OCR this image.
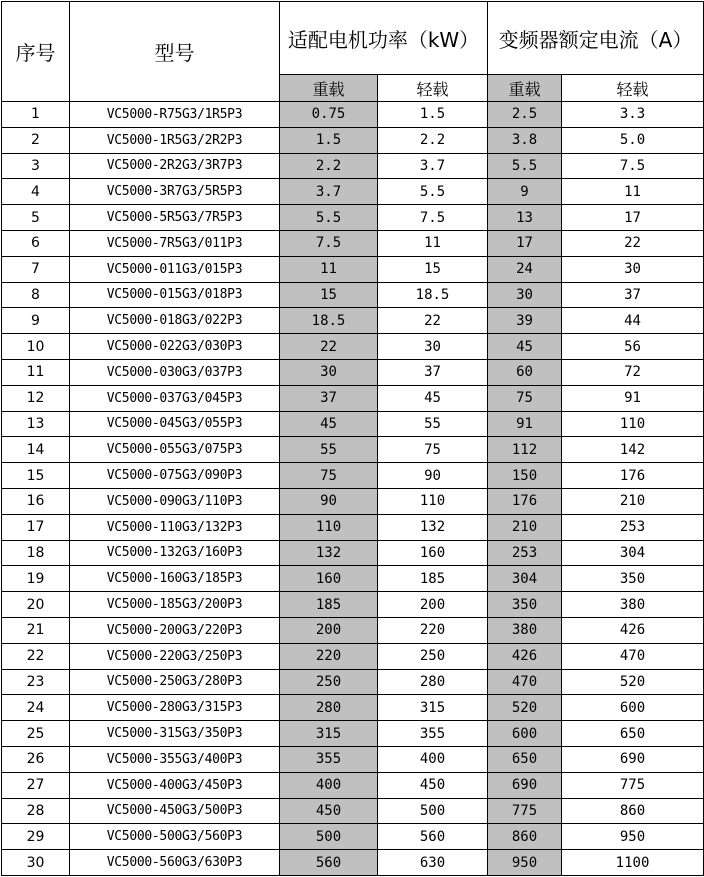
序号	型号	适配电机功率（kW）		变频器额定电流（A）	
		重载	轻载	重载	轻载
1	VC5000-R75G3/1R5P3	0.75	1.5	2.5	3.3
2	VC5000-1R5G3/2R2P3	1.5	2.2	3.8	5.0
3	VC5000-2R2G3/3R7P3	2.2	3.7	5.5	7.5
4	VC5000-3R7G3/5R5P3	3.7	5.5	9	11
5	VC5000-5R5G3/7R5P3	5.5	7.5	13	17
6	VC5000-7R5G3/011P3	7.5	11	17	22
7	VC5000-011G3/015P3	11	15	24	30
8	VC5000-015G3/018P3	15	18.5	30	37
9	VC5000-018G3/022P3	18.5	22	39	44
10	VC5000-022G3/030P3	22	30	45	56
11	VC5000-030G3/037P3	30	37	60	72
12	VC5000-037G3/045P3	37	45	75	91
13	VC5000-045G3/055P3	45	55	91	110
14	VC5000-055G3/075P3	55	75	112	142
15	VC5000-075G3/090P3	75	90	150	176
16	VC5000-090G3/110P3	90	110	176	210
17	VC5000-110G3/132P3	110	132	210	253
18	VC5000-132G3/160P3	132	160	253	304
19	VC5000-160G3/185P3	160	185	304	350
20	VC5000-185G3/200P3	185	200	350	380
21	VC5000-200G3/220P3	200	220	380	426
22	VC5000-220G3/250P3	220	250	426	470
23	VC5000-250G3/280P3	250	280	470	520
24	VC5000-280G3/315P3	280	315	520	600
25	VC5000-315G3/350P3	315	355	600	650
26	VC5000-355G3/400P3	355	400	650	690
27	VC5000-400G3/450P3	400	450	690	775
28	VC5000-450G3/500P3	450	500	775	860
29	VC5000-500G3/560P3	500	560	860	950
30	VC5000-560G3/630P3	560	630	950	1100
